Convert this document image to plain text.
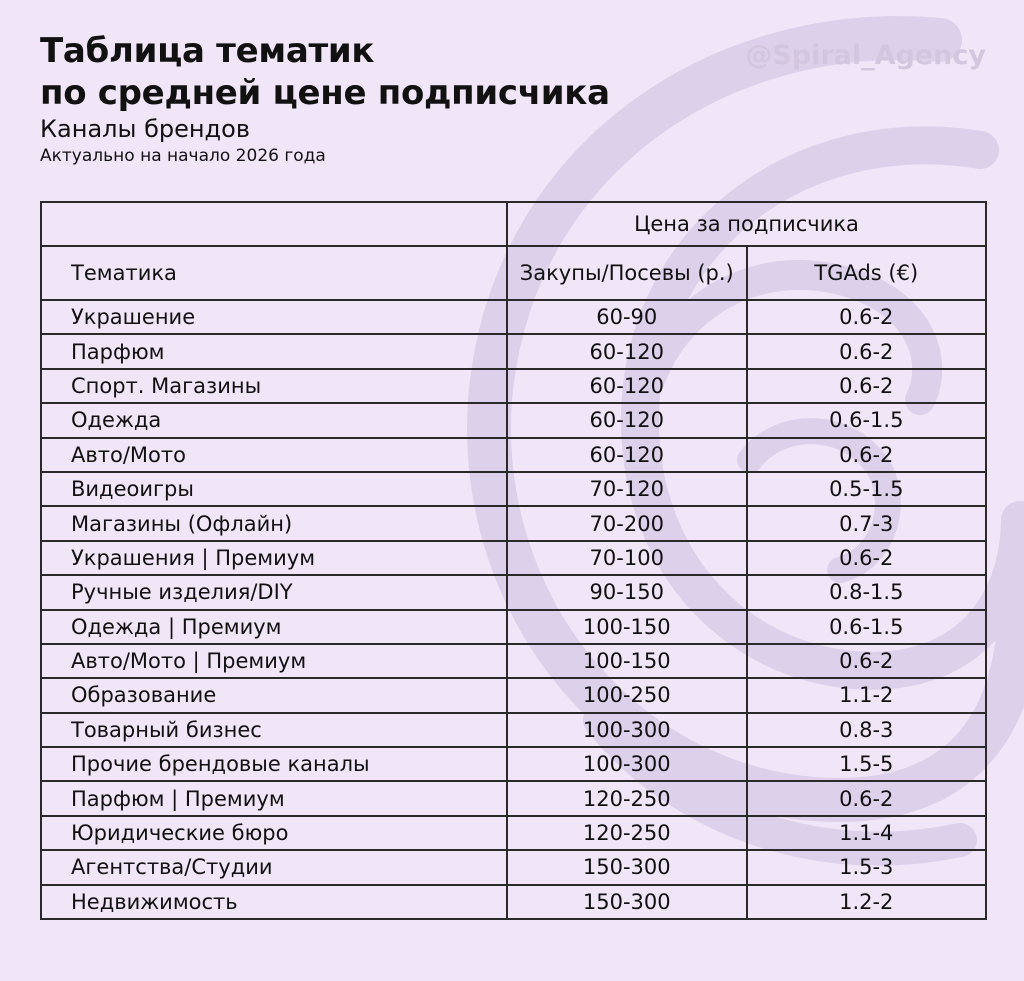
Таблица тематик
по средней цене подписчика
Каналы брендов
Актуально на начало 2026 года
@Spiral_Agency
	Цена за подписчика	
Тематика	Закупы/Посевы (р.)	TGAds (€)
Украшение	60-90	0.6-2
Парфюм	60-120	0.6-2
Спорт. Магазины	60-120	0.6-2
Одежда	60-120	0.6-1.5
Авто/Мото	60-120	0.6-2
Видеоигры	70-120	0.5-1.5
Магазины (Офлайн)	70-200	0.7-3
Украшения | Премиум	70-100	0.6-2
Ручные изделия/DIY	90-150	0.8-1.5
Одежда | Премиум	100-150	0.6-1.5
Авто/Мото | Премиум	100-150	0.6-2
Образование	100-250	1.1-2
Товарный бизнес	100-300	0.8-3
Прочие брендовые каналы	100-300	1.5-5
Парфюм | Премиум	120-250	0.6-2
Юридические бюро	120-250	1.1-4
Агентства/Студии	150-300	1.5-3
Недвижимость	150-300	1.2-2
